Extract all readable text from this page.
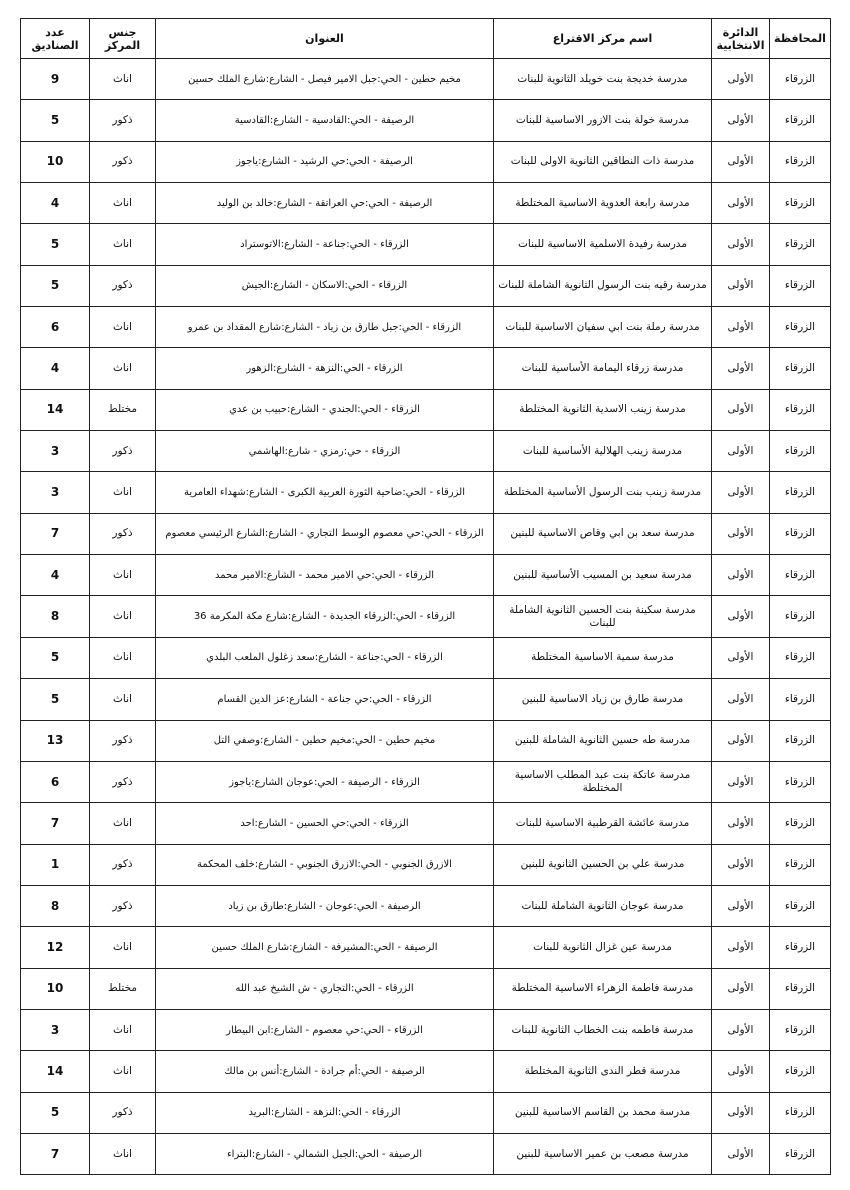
المحافظة	الدائرة الانتخابية	اسم مركز الاقتراع	العنوان	جنس المركز	عدد الصناديق
الزرقاء	الأولى	مدرسة خديجة بنت خويلد الثانوية للبنات	مخيم حطين - الحي:جبل الامير فيصل - الشارع:شارع الملك حسين	اناث	9
الزرقاء	الأولى	مدرسة خولة بنت الازور الاساسية للبنات	الرصيفة - الحي:القادسية - الشارع:القادسية	ذكور	5
الزرقاء	الأولى	مدرسة ذات النطاقين الثانوية الاولى للبنات	الرصيفة - الحي:حي الرشيد - الشارع:ياجوز	ذكور	10
الزرقاء	الأولى	مدرسة رابعة العدوية الاساسية المختلطة	الرصيفة - الحي:حي العراتقة - الشارع:خالد بن الوليد	اناث	4
الزرقاء	الأولى	مدرسة رفيدة الاسلمية الاساسية للبنات	الزرقاء - الحي:جناعة - الشارع:الاتوستراد	اناث	5
الزرقاء	الأولى	مدرسة رقيه بنت الرسول الثانوية الشاملة للبنات	الزرقاء - الحي:الاسكان - الشارع:الجيش	ذكور	5
الزرقاء	الأولى	مدرسة رملة بنت ابي سفيان الاساسية للبنات	الزرقاء - الحي:جبل طارق بن زياد - الشارع:شارع المقداد بن عمرو	اناث	6
الزرقاء	الأولى	مدرسة زرقاء اليمامة الأساسية للبنات	الزرقاء - الحي:النزهة - الشارع:الزهور	اناث	4
الزرقاء	الأولى	مدرسة زينب الاسدية الثانوية المختلطة	الزرقاء - الحي:الجندي - الشارع:حبيب بن عدي	مختلط	14
الزرقاء	الأولى	مدرسة زينب الهلالية الأساسية للبنات	الزرقاء - حي:رمزي - شارع:الهاشمي	ذكور	3
الزرقاء	الأولى	مدرسة زينب بنت الرسول الأساسية المختلطة	الزرقاء - الحي:ضاحية الثورة العربية الكبرى - الشارع:شهداء العامرية	اناث	3
الزرقاء	الأولى	مدرسة سعد بن ابي وقاص الاساسية للبنين	الزرقاء - الحي:حي معصوم الوسط التجاري - الشارع:الشارع الرئيسي معصوم	ذكور	7
الزرقاء	الأولى	مدرسة سعيد بن المسيب الأساسية للبنين	الزرقاء - الحي:حي الامير محمد - الشارع:الامير محمد	اناث	4
الزرقاء	الأولى	مدرسة سكينة بنت الحسين الثانوية الشاملة للبنات	الزرقاء - الحي:الزرقاء الجديدة - الشارع:شارع مكة المكرمة 36	اناث	8
الزرقاء	الأولى	مدرسة سمية الاساسية المختلطة	الزرقاء - الحي:جناعة - الشارع:سعد زغلول الملعب البلدي	اناث	5
الزرقاء	الأولى	مدرسة طارق بن زياد الاساسية للبنين	الزرقاء - الحي:حي جناعة - الشارع:عز الدين القسام	اناث	5
الزرقاء	الأولى	مدرسة طه حسين الثانوية الشاملة للبنين	مخيم حطين - الحي:مخيم حطين - الشارع:وصفي التل	ذكور	13
الزرقاء	الأولى	مدرسة عاتكة بنت عبد المطلب الاساسية المختلطة	الزرقاء - الرصيفة - الحي:عوجان الشارع:ياجوز	ذكور	6
الزرقاء	الأولى	مدرسة عائشة القرطبية الاساسية للبنات	الزرقاء - الحي:حي الحسين - الشارع:احد	اناث	7
الزرقاء	الأولى	مدرسة علي بن الحسين الثانوية للبنين	الازرق الجنوبي - الحي:الازرق الجنوبي - الشارع:خلف المحكمة	ذكور	1
الزرقاء	الأولى	مدرسة عوجان الثانوية الشاملة للبنات	الرصيفة - الحي:عوجان - الشارع:طارق بن زياد	ذكور	8
الزرقاء	الأولى	مدرسة عين غزال الثانوية للبنات	الرصيفة - الحي:المشيرفة - الشارع:شارع الملك حسين	اناث	12
الزرقاء	الأولى	مدرسة فاطمة الزهراء الاساسية المختلطة	الزرقاء - الحي:التجاري - ش الشيخ عبد الله	مختلط	10
الزرقاء	الأولى	مدرسة فاطمه بنت الخطاب الثانوية للبنات	الزرقاء - الحي:حي معصوم - الشارع:ابن البيطار	اناث	3
الزرقاء	الأولى	مدرسة قطر الندى الثانوية المختلطة	الرصيفة - الحي:أم جرادة - الشارع:أنس بن مالك	اناث	14
الزرقاء	الأولى	مدرسة محمد بن القاسم الاساسية للبنين	الزرقاء - الحي:النزهة - الشارع:البريد	ذكور	5
الزرقاء	الأولى	مدرسة مصعب بن عمير الاساسية للبنين	الرصيفة - الحي:الجبل الشمالي - الشارع:البتراء	اناث	7
